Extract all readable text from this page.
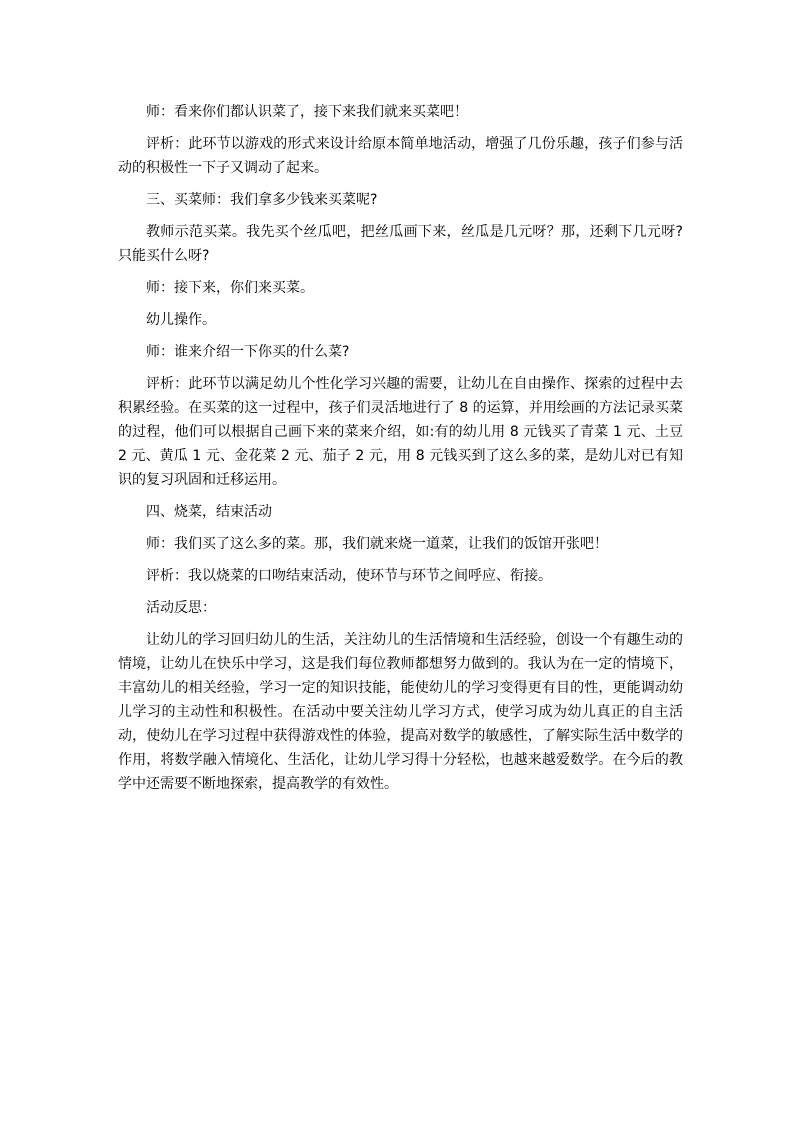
师：看来你们都认识菜了，接下来我们就来买菜吧！

评析：此环节以游戏的形式来设计给原本简单地活动，增强了几份乐趣，孩子们参与活动的积极性一下子又调动了起来。

三、买菜师：我们拿多少钱来买菜呢?

教师示范买菜。我先买个丝瓜吧，把丝瓜画下来，丝瓜是几元呀？那，还剩下几元呀?只能买什么呀?

师：接下来，你们来买菜。

幼儿操作。

师：谁来介绍一下你买的什么菜?

评析：此环节以满足幼儿个性化学习兴趣的需要，让幼儿在自由操作、探索的过程中去积累经验。在买菜的这一过程中，孩子们灵活地进行了 8 的运算，并用绘画的方法记录买菜的过程，他们可以根据自己画下来的菜来介绍，如:有的幼儿用 8 元钱买了青菜 1 元、土豆 2 元、黄瓜 1 元、金花菜 2 元、茄子 2 元，用 8 元钱买到了这么多的菜，是幼儿对已有知识的复习巩固和迁移运用。

四、烧菜，结束活动

师：我们买了这么多的菜。那，我们就来烧一道菜，让我们的饭馆开张吧！

评析：我以烧菜的口吻结束活动，使环节与环节之间呼应、衔接。

活动反思：

让幼儿的学习回归幼儿的生活，关注幼儿的生活情境和生活经验，创设一个有趣生动的情境，让幼儿在快乐中学习，这是我们每位教师都想努力做到的。我认为在一定的情境下，丰富幼儿的相关经验，学习一定的知识技能，能使幼儿的学习变得更有目的性，更能调动幼儿学习的主动性和积极性。在活动中要关注幼儿学习方式，使学习成为幼儿真正的自主活动，使幼儿在学习过程中获得游戏性的体验，提高对数学的敏感性，了解实际生活中数学的作用，将数学融入情境化、生活化，让幼儿学习得十分轻松，也越来越爱数学。在今后的教学中还需要不断地探索，提高教学的有效性。
